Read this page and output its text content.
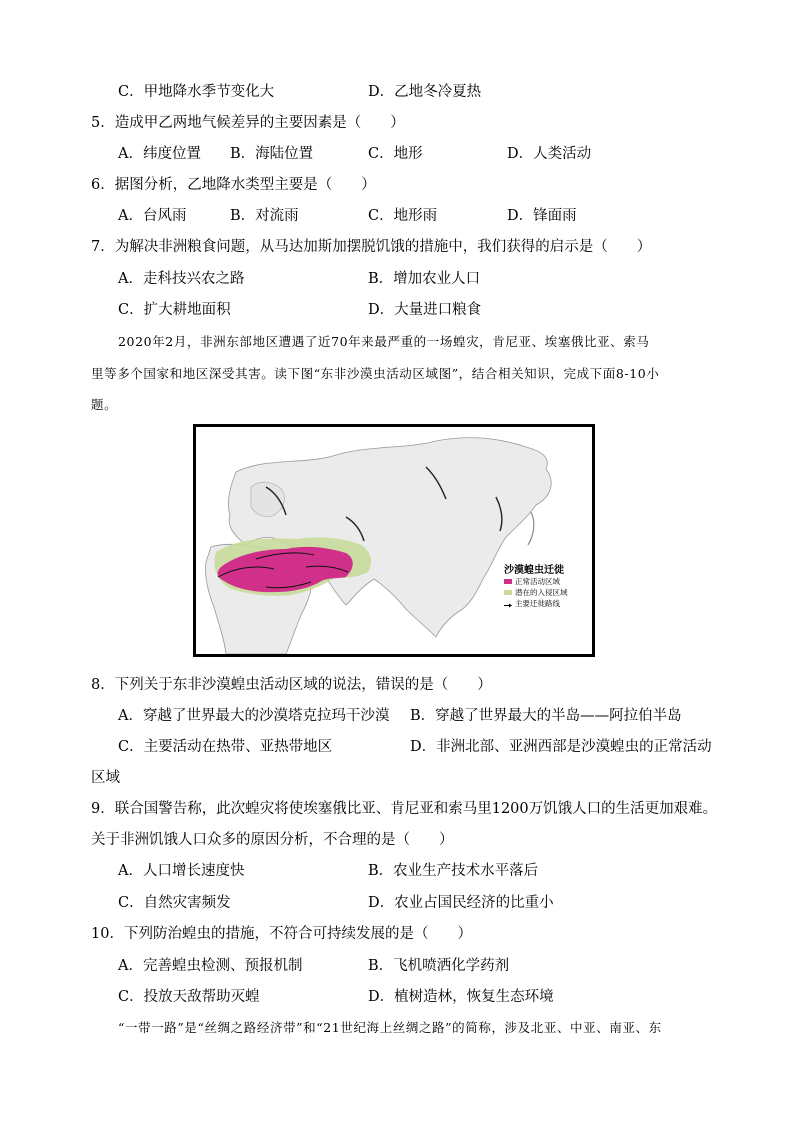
C．甲地降水季节变化大	D．乙地冬冷夏热
5．造成甲乙两地气候差异的主要因素是（　　）
A．纬度位置 B．海陆位置	C．地形	D．人类活动
6．据图分析，乙地降水类型主要是（　　）
A．台风雨	B．对流雨	C．地形雨	D．锋面雨
7．为解决非洲粮食问题，从马达加斯加摆脱饥饿的措施中，我们获得的启示是（　　）
A．走科技兴农之路	B．增加农业人口
C．扩大耕地面积	D．大量进口粮食
2020年2月，非洲东部地区遭遇了近70年来最严重的一场蝗灾，肯尼亚、埃塞俄比亚、索马
里等多个国家和地区深受其害。读下图“东非沙漠虫活动区域图”，结合相关知识，完成下面8-10小
题。
沙漠蝗虫迁徙
正常活动区域
潜在的入侵区域
主要迁徙路线
8．下列关于东非沙漠蝗虫活动区域的说法，错误的是（　　）
A．穿越了世界最大的沙漠塔克拉玛干沙漠 B．穿越了世界最大的半岛——阿拉伯半岛
C．主要活动在热带、亚热带地区	D．非洲北部、亚洲西部是沙漠蝗虫的正常活动
区域
9．联合国警告称，此次蝗灾将使埃塞俄比亚、肯尼亚和索马里1200万饥饿人口的生活更加艰难。
关于非洲饥饿人口众多的原因分析，不合理的是（　　）
A．人口增长速度快	B．农业生产技术水平落后
C．自然灾害频发	D．农业占国民经济的比重小
10．下列防治蝗虫的措施，不符合可持续发展的是（　　）
A．完善蝗虫检测、预报机制	B．飞机喷洒化学药剂
C．投放天敌帮助灭蝗	D．植树造林，恢复生态环境
“一带一路”是“丝绸之路经济带”和“21世纪海上丝绸之路”的简称，涉及北亚、中亚、南亚、东
